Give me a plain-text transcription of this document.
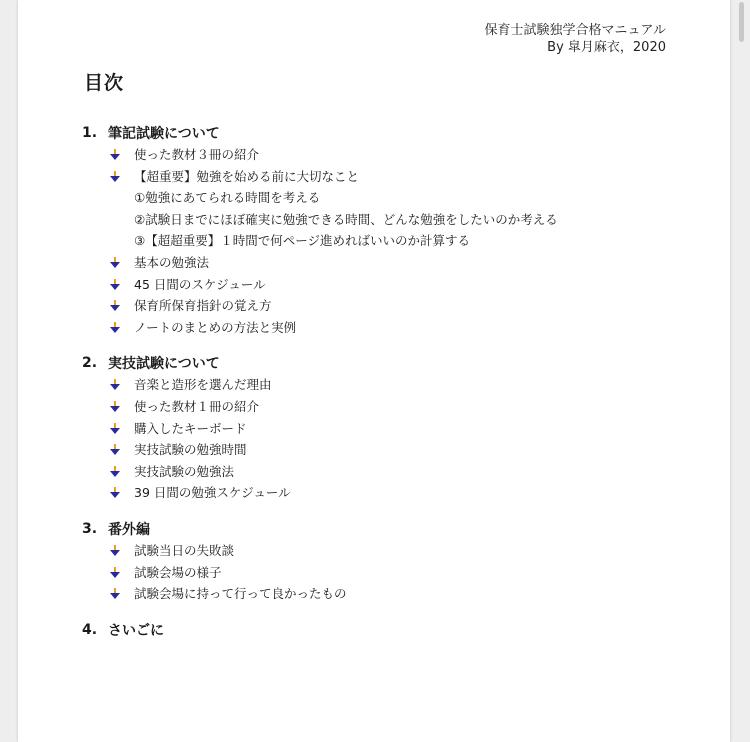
保育士試験独学合格マニュアル
By 皐月麻衣，2020
目次
1. 筆記試験について
使った教材３冊の紹介
【超重要】勉強を始める前に大切なこと
①勉強にあてられる時間を考える
②試験日までにほぼ確実に勉強できる時間、どんな勉強をしたいのか考える
③【超超重要】１時間で何ページ進めればいいのか計算する
基本の勉強法
45 日間のスケジュール
保育所保育指針の覚え方
ノートのまとめの方法と実例
2. 実技試験について
音楽と造形を選んだ理由
使った教材１冊の紹介
購入したキーボード
実技試験の勉強時間
実技試験の勉強法
39 日間の勉強スケジュール
3. 番外編
試験当日の失敗談
試験会場の様子
試験会場に持って行って良かったもの
4. さいごに
